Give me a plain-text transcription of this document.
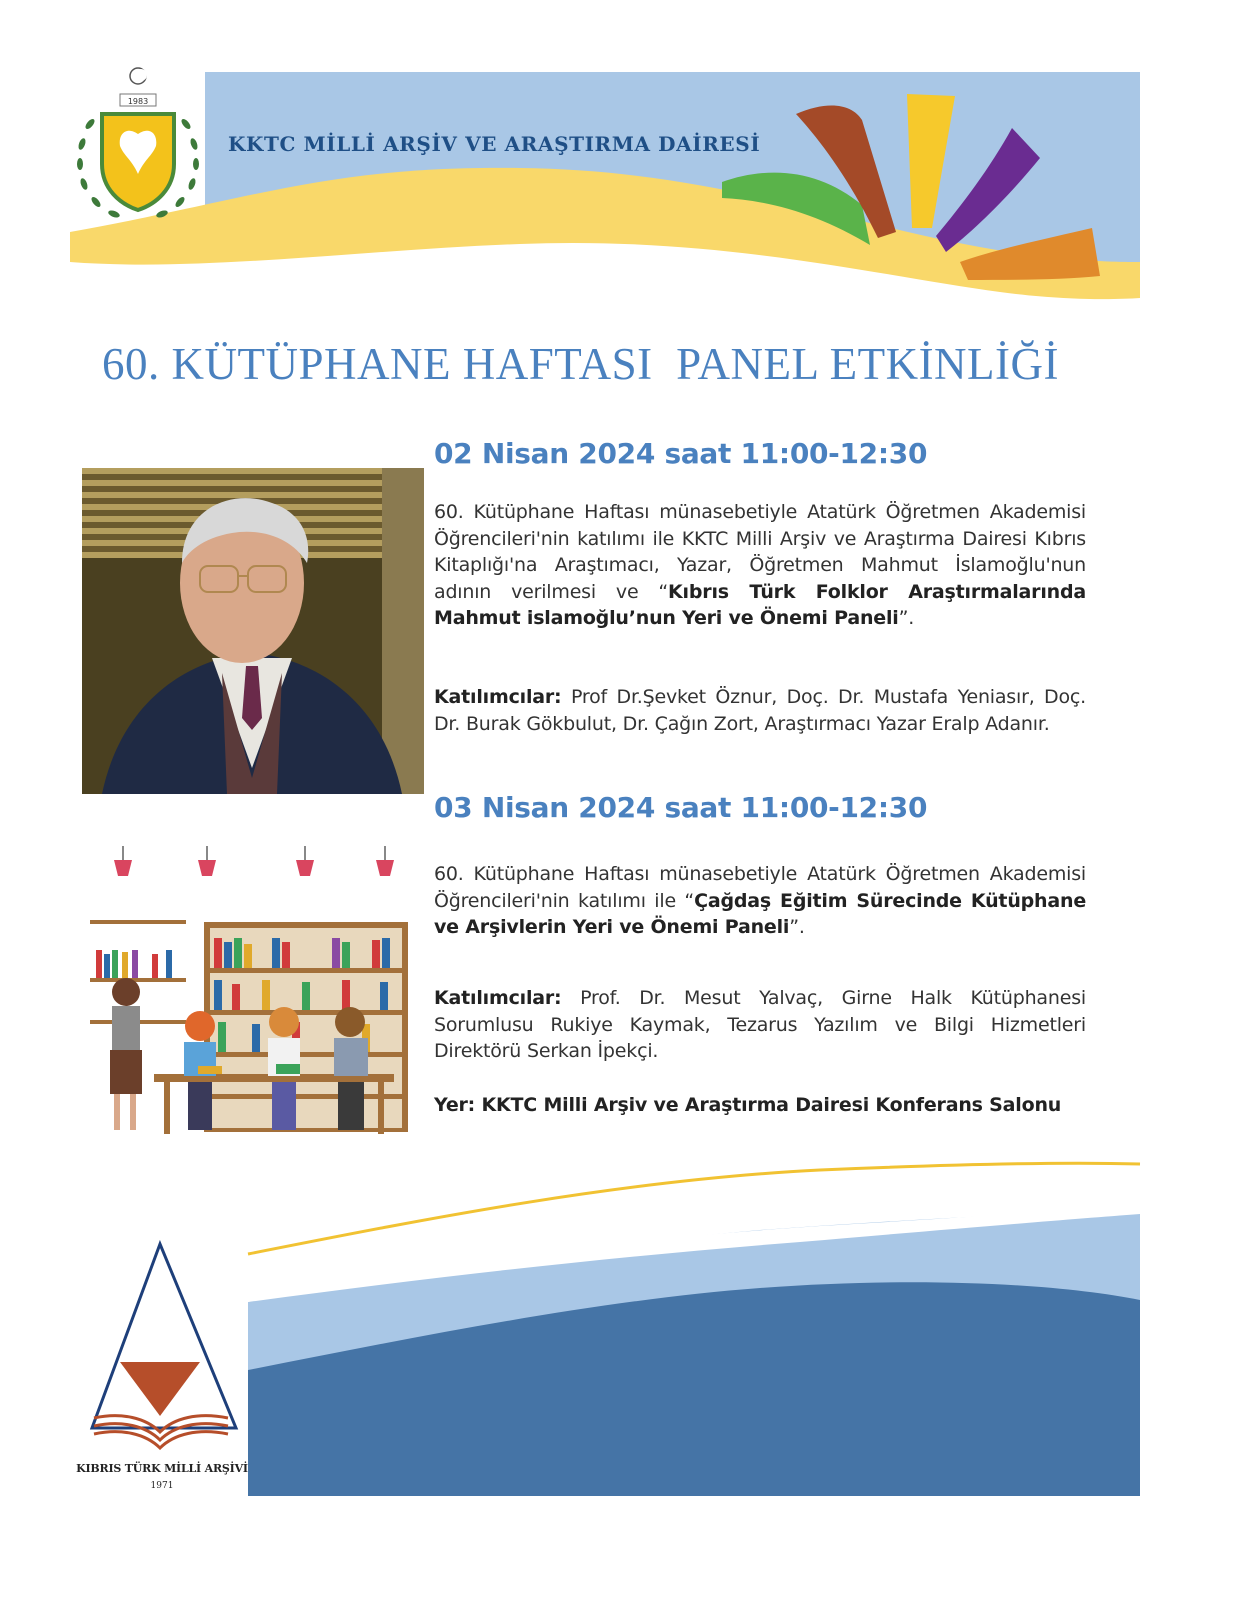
1983
KKTC MİLLİ ARŞİV VE ARAŞTIRMA DAİRESİ
60. KÜTÜPHANE HAFTASI  PANEL ETKİNLİĞİ
02 Nisan 2024 saat 11:00-12:30

60. Kütüphane Haftası münasebetiyle Atatürk Öğretmen Akademisi Öğrencileri'nin katılımı ile KKTC Milli Arşiv ve Araştırma Dairesi Kıbrıs Kitaplığı'na Araştımacı, Yazar, Öğretmen Mahmut İslamoğlu'nun adının verilmesi ve “Kıbrıs Türk Folklor Araştırmalarında Mahmut islamoğlu’nun Yeri ve Önemi Paneli”.

Katılımcılar: Prof Dr.Şevket Öznur, Doç. Dr. Mustafa Yeniasır, Doç. Dr. Burak Gökbulut, Dr. Çağın Zort, Araştırmacı Yazar Eralp Adanır.

03 Nisan 2024 saat 11:00-12:30

60. Kütüphane Haftası münasebetiyle Atatürk Öğretmen Akademisi Öğrencileri'nin katılımı ile “Çağdaş Eğitim Sürecinde Kütüphane ve Arşivlerin Yeri ve Önemi Paneli”.

Katılımcılar: Prof. Dr. Mesut Yalvaç, Girne Halk Kütüphanesi Sorumlusu Rukiye Kaymak, Tezarus Yazılım ve Bilgi Hizmetleri Direktörü Serkan İpekçi.

Yer: KKTC Milli Arşiv ve Araştırma Dairesi Konferans Salonu
KIBRIS TÜRK MİLLİ ARŞİVİ
1971
